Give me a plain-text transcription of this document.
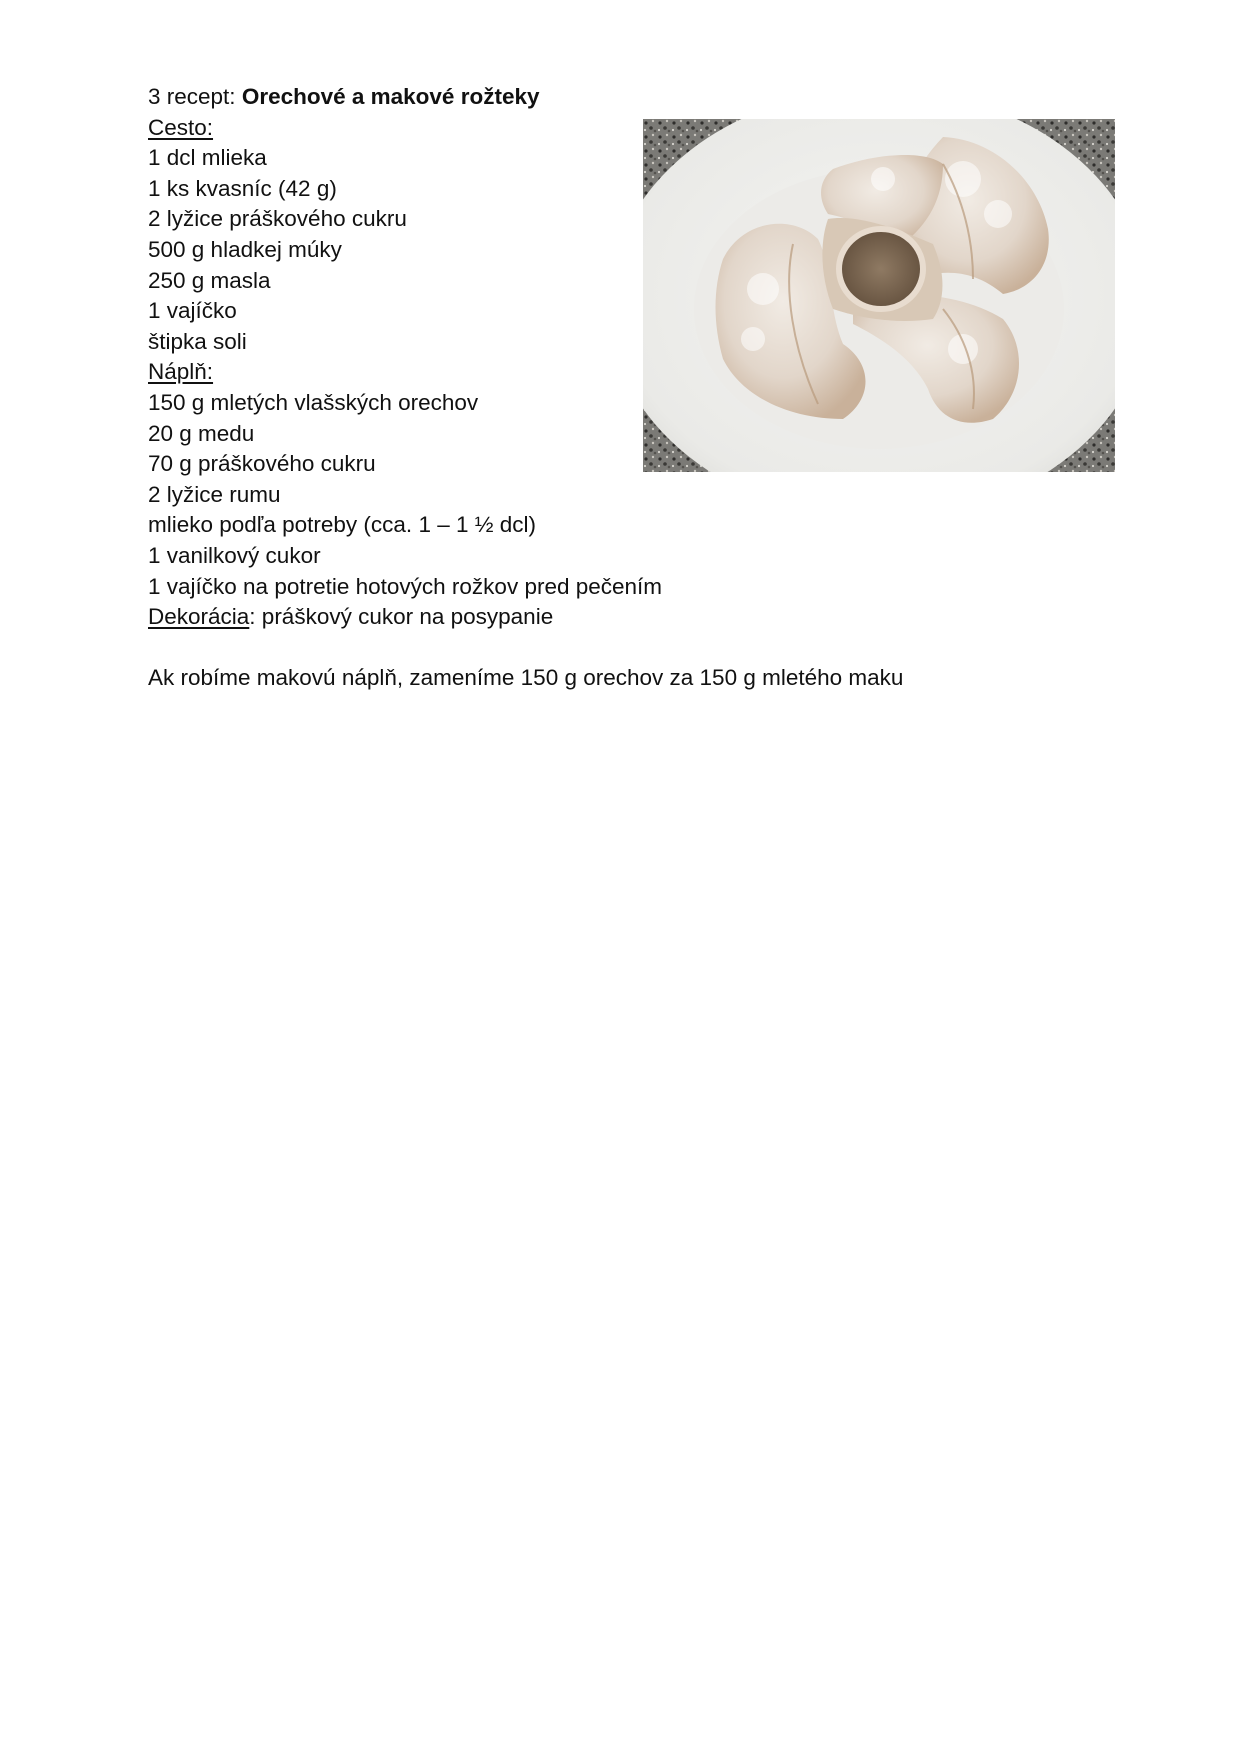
3 recept: Orechové a makové rožteky
Cesto:
1 dcl mlieka
1 ks kvasníc (42 g)
2 lyžice práškového cukru
500 g hladkej múky
250 g masla
1 vajíčko
štipka soli
Náplň:
150 g mletých vlašských orechov
20 g medu
70 g práškového cukru
2 lyžice rumu
mlieko podľa potreby (cca. 1 – 1 ½ dcl)
1 vanilkový cukor
1 vajíčko na potretie hotových rožkov pred pečením
Dekorácia: práškový cukor na posypanie
Ak robíme makovú náplň, zameníme 150 g orechov za 150 g mletého maku
